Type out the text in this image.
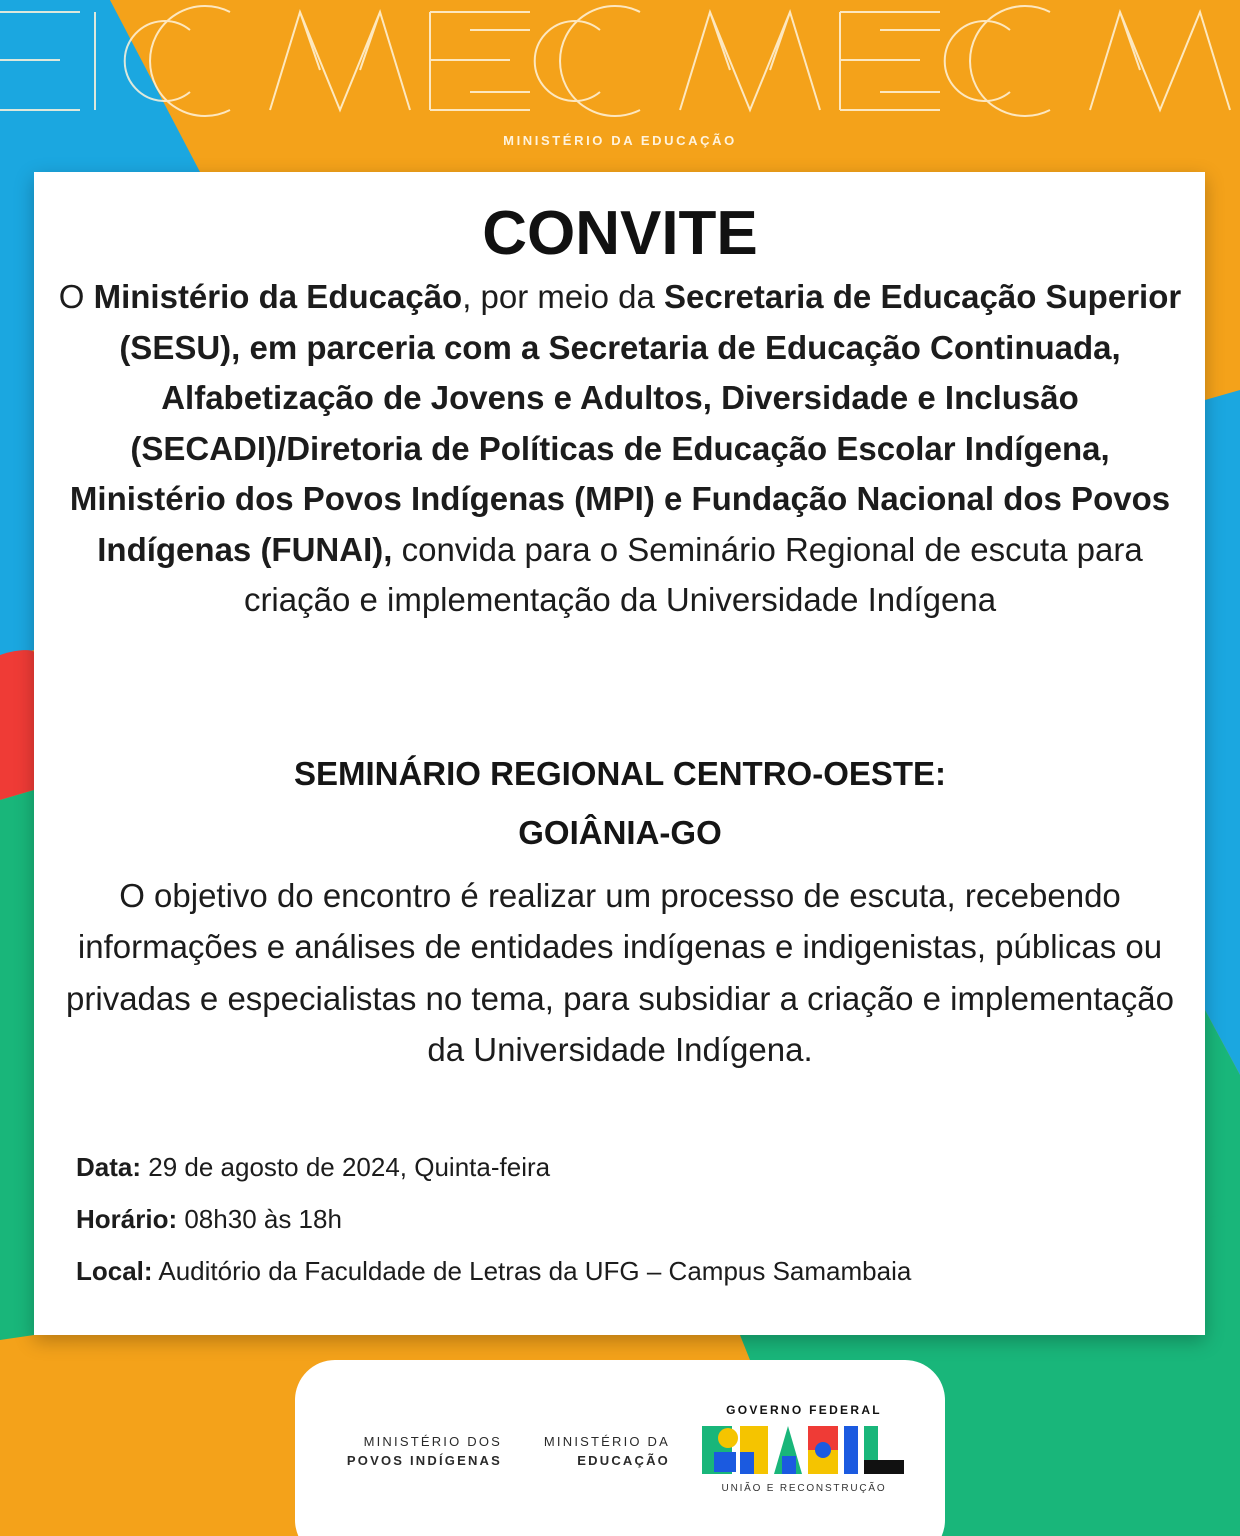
MINISTÉRIO DA EDUCAÇÃO
CONVITE
O Ministério da Educação, por meio da Secretaria de Educação Superior (SESU), em parceria com a Secretaria de Educação Continuada, Alfabetização de Jovens e Adultos, Diversidade e Inclusão (SECADI)/Diretoria de Políticas de Educação Escolar Indígena, Ministério dos Povos Indígenas (MPI) e Fundação Nacional dos Povos Indígenas (FUNAI), convida para o Seminário Regional de escuta para criação e implementação da Universidade Indígena
SEMINÁRIO REGIONAL CENTRO-OESTE:
GOIÂNIA-GO
O objetivo do encontro é realizar um processo de escuta, recebendo informações e análises de entidades indígenas e indigenistas, públicas ou privadas e especialistas no tema, para subsidiar a criação e implementação da Universidade Indígena.
Data: 29 de agosto de 2024, Quinta-feira
Horário: 08h30 às 18h
Local: Auditório da Faculdade de Letras da UFG – Campus Samambaia
MINISTÉRIO DOS
POVOS INDÍGENAS
MINISTÉRIO DA
EDUCAÇÃO
GOVERNO FEDERAL
UNIÃO E RECONSTRUÇÃO
